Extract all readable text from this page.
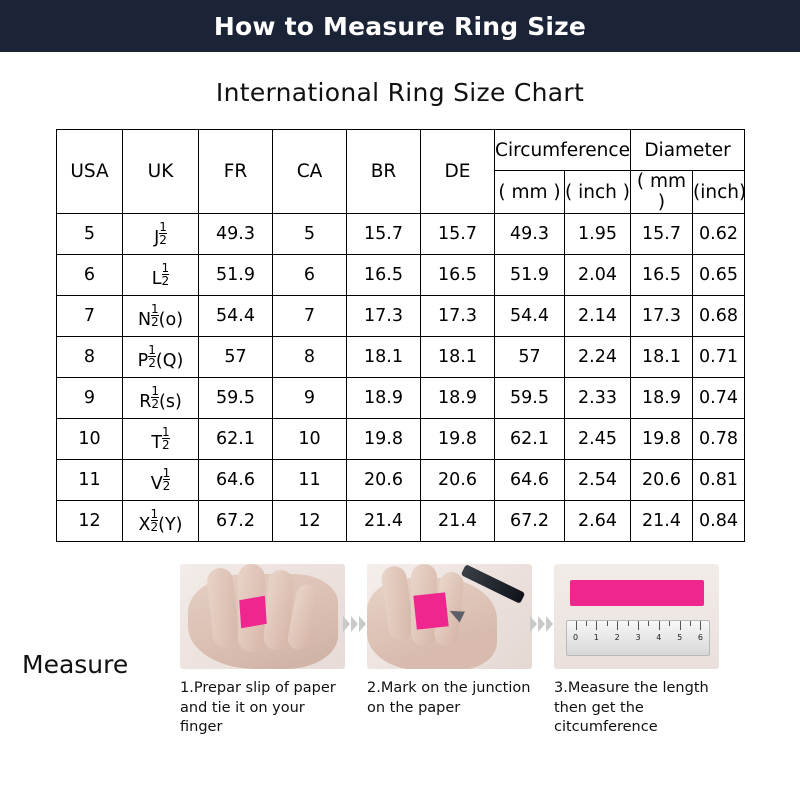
How to Measure Ring Size
International Ring Size Chart
USA	UK	FR	CA	BR	DE	Circumference		Diameter	
						( mm )	( inch )	( mm )	(inch)
5	J $\frac{1}{2}$	49.3	5	15.7	15.7	49.3	1.95	15.7	0.62
6	L $\frac{1}{2}$	51.9	6	16.5	16.5	51.9	2.04	16.5	0.65
7	N $\frac{1}{2} (o)$	54.4	7	17.3	17.3	54.4	2.14	17.3	0.68
8	P $\frac{1}{2} (Q)$	57	8	18.1	18.1	57	2.24	18.1	0.71
9	R $\frac{1}{2} (s)$	59.5	9	18.9	18.9	59.5	2.33	18.9	0.74
10	T $\frac{1}{2}$	62.1	10	19.8	19.8	62.1	2.45	19.8	0.78
11	V $\frac{1}{2}$	64.6	11	20.6	20.6	64.6	2.54	20.6	0.81
12	X $\frac{1}{2} (Y)$	67.2	12	21.4	21.4	67.2	2.64	21.4	0.84
Measure
1.Prepar slip of paper and tie it on your finger
2.Mark on the junction on the paper
0 1 2 3 4 5 6
3.Measure the length then get the citcumference
